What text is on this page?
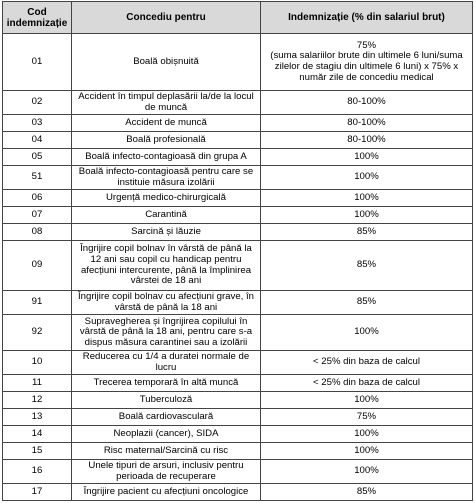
Cod
indemnizație	Concediu pentru	Indemnizație (% din salariul brut)
01	Boală obișnuită	75%
(suma salariilor brute din ultimele 6 luni/suma zilelor de stagiu din ultimele 6 luni) x 75% x număr zile de concediu medical
02	Accident în timpul deplasării la/de la locul de muncă	80-100%
03	Accident de muncă	80-100%
04	Boală profesională	80-100%
05	Boală infecto-contagioasă din grupa A	100%
51	Boală infecto-contagioasă pentru care se instituie măsura izolării	100%
06	Urgență medico-chirurgicală	100%
07	Carantină	100%
08	Sarcină și lăuzie	85%
09	Îngrijire copil bolnav în vârstă de până la 12 ani sau copil cu handicap pentru afecțiuni intercurente, până la împlinirea vârstei de 18 ani	85%
91	Îngrijire copil bolnav cu afecțiuni grave, în vârstă de până la 18 ani	85%
92	Supravegherea și îngrijirea copilului în vârstă de până la 18 ani, pentru care s-a dispus măsura carantinei sau a izolării	100%
10	Reducerea cu 1/4 a duratei normale de lucru	< 25% din baza de calcul
11	Trecerea temporară în altă muncă	< 25% din baza de calcul
12	Tuberculoză	100%
13	Boală cardiovasculară	75%
14	Neoplazii (cancer), SIDA	100%
15	Risc maternal/Sarcină cu risc	100%
16	Unele tipuri de arsuri, inclusiv pentru perioada de recuperare	100%
17	Îngrijire pacient cu afecțiuni oncologice	85%
